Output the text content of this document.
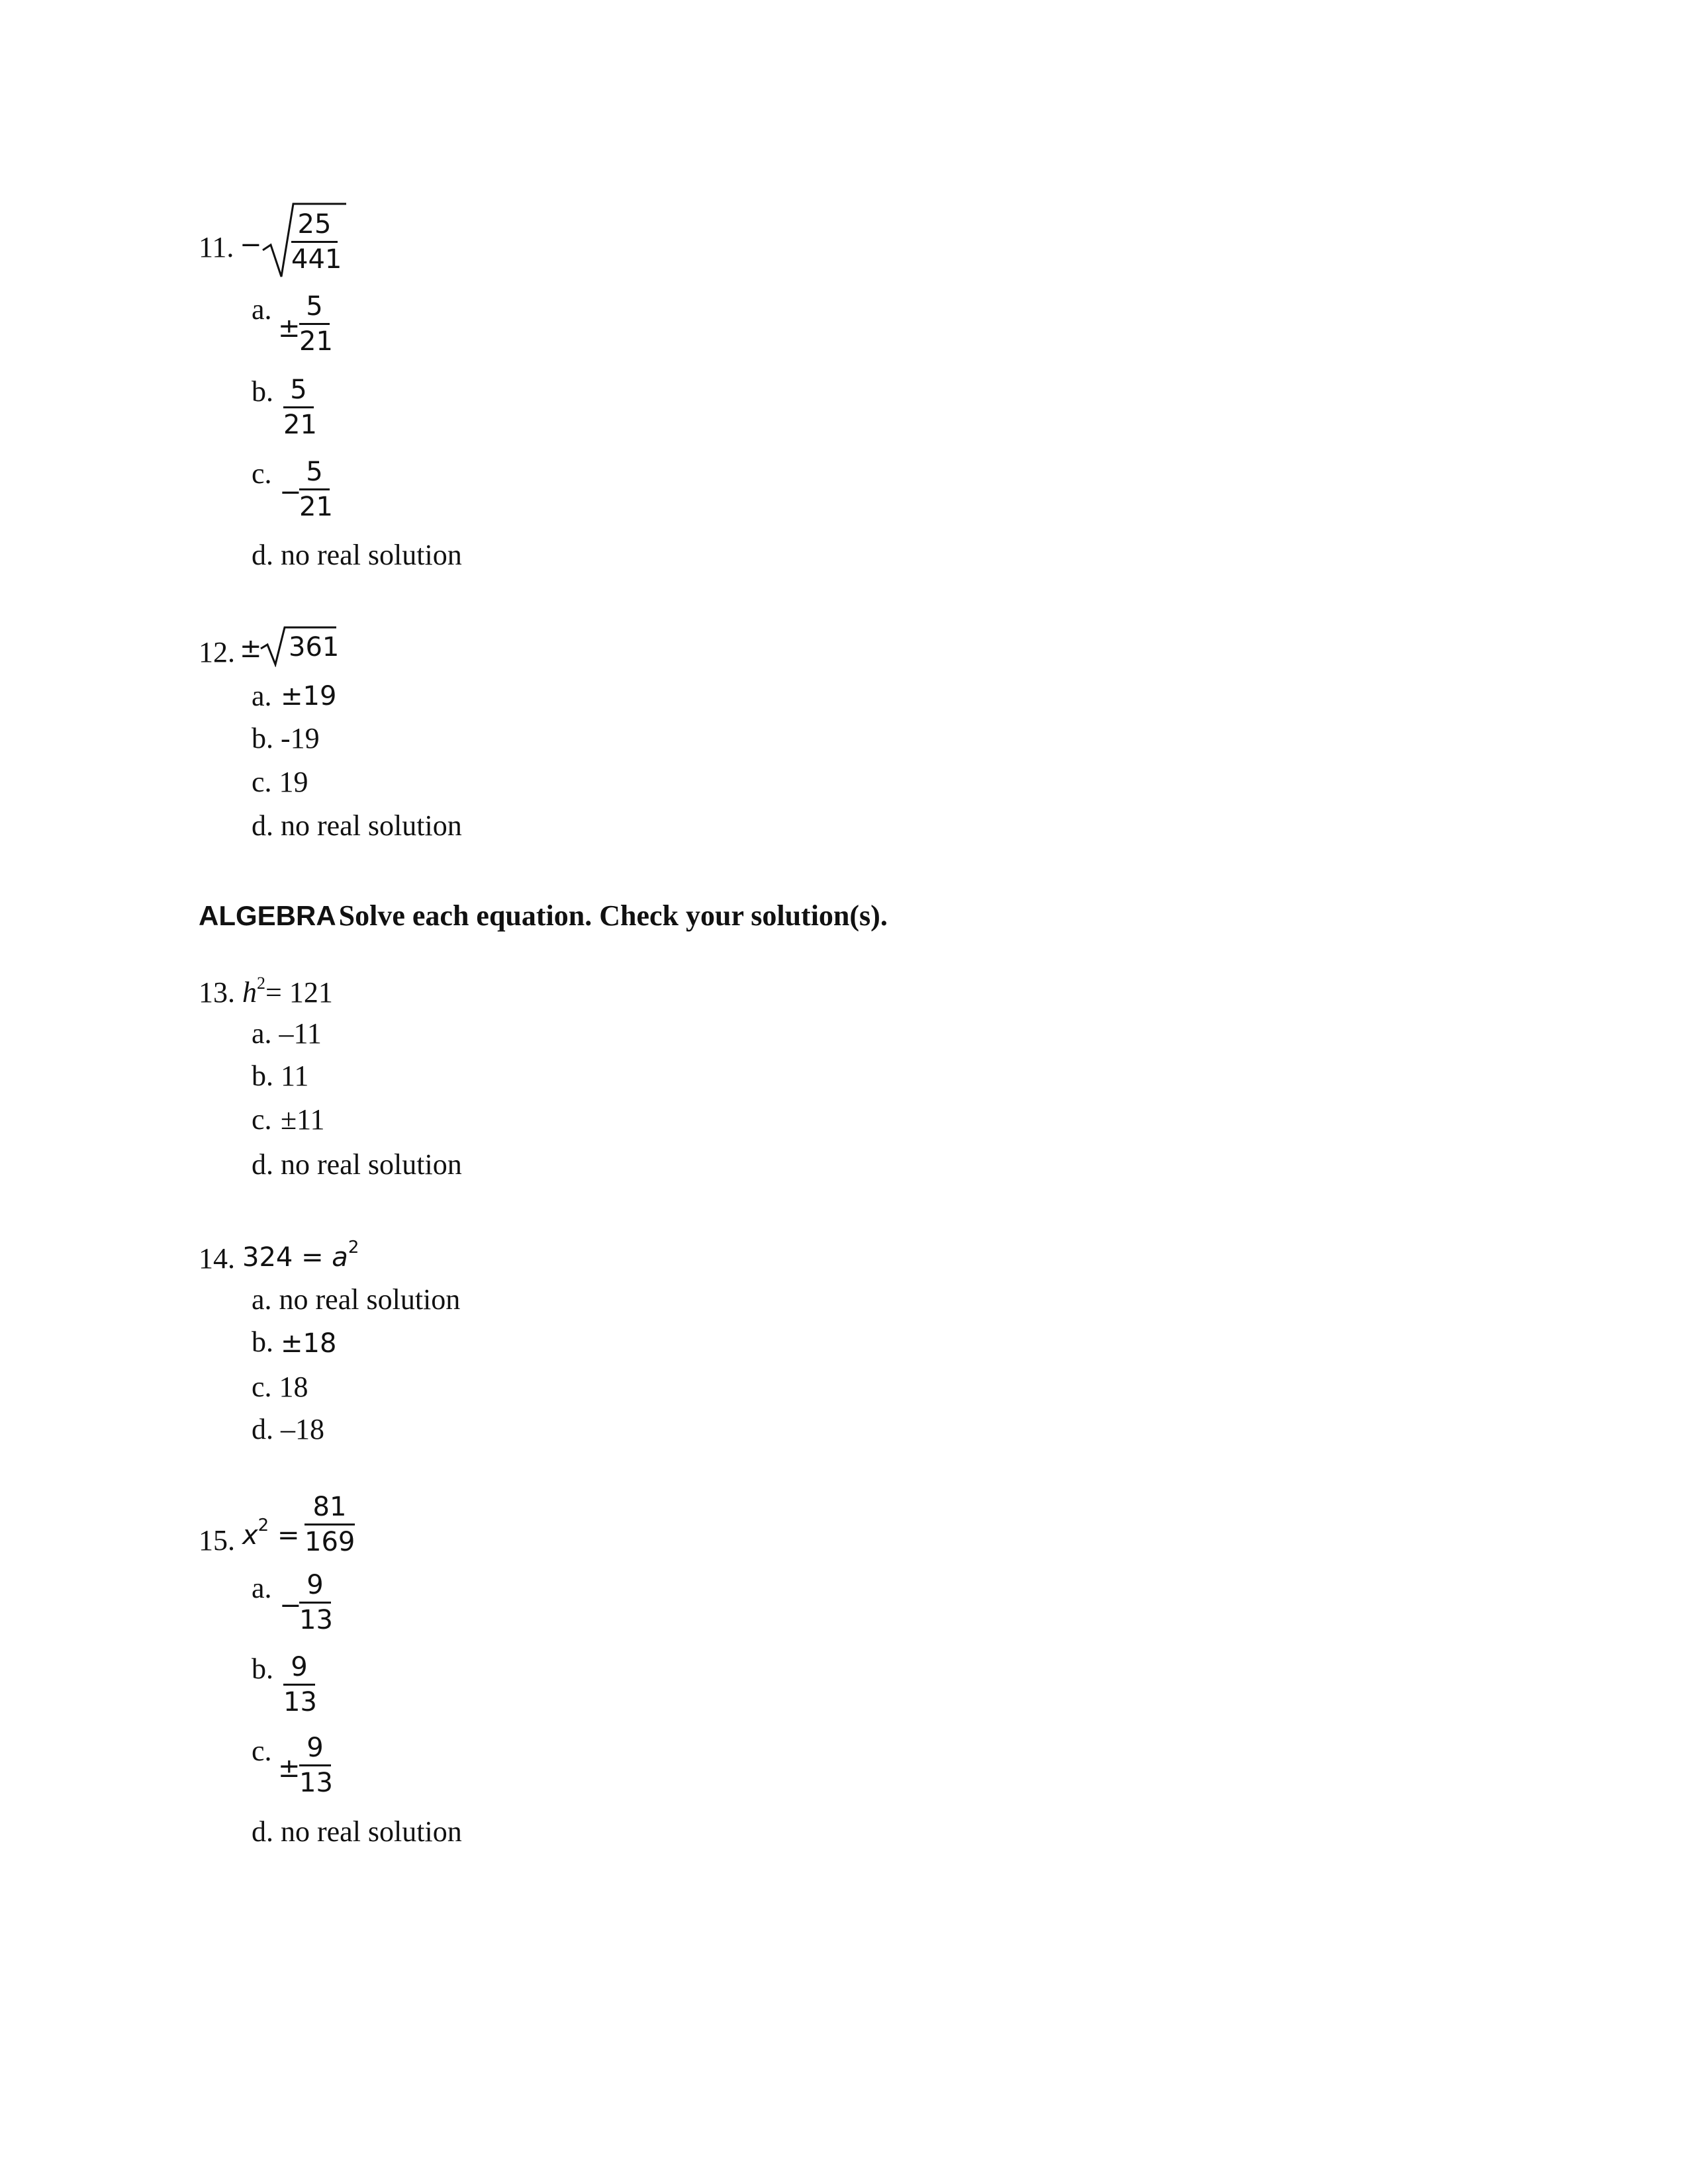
11. −
25
441
a.
±
5
21
b. 5
21
c.
−
5
21
d. no real solution
12. ± 361
a. ±19
b. -19
c. 19
d. no real solution
ALGEBRA Solve each equation. Check your solution(s).
13. $h^2= 121$
a. –11
b. 11
c. ±11
d. no real solution
14. $324 = a^2$
a. no real solution
b. ±18
c. 18
d. –18
15. $x^2$ =
81
169
a.
−
9
13
b. 9
13
c.
±
9
13
d. no real solution
